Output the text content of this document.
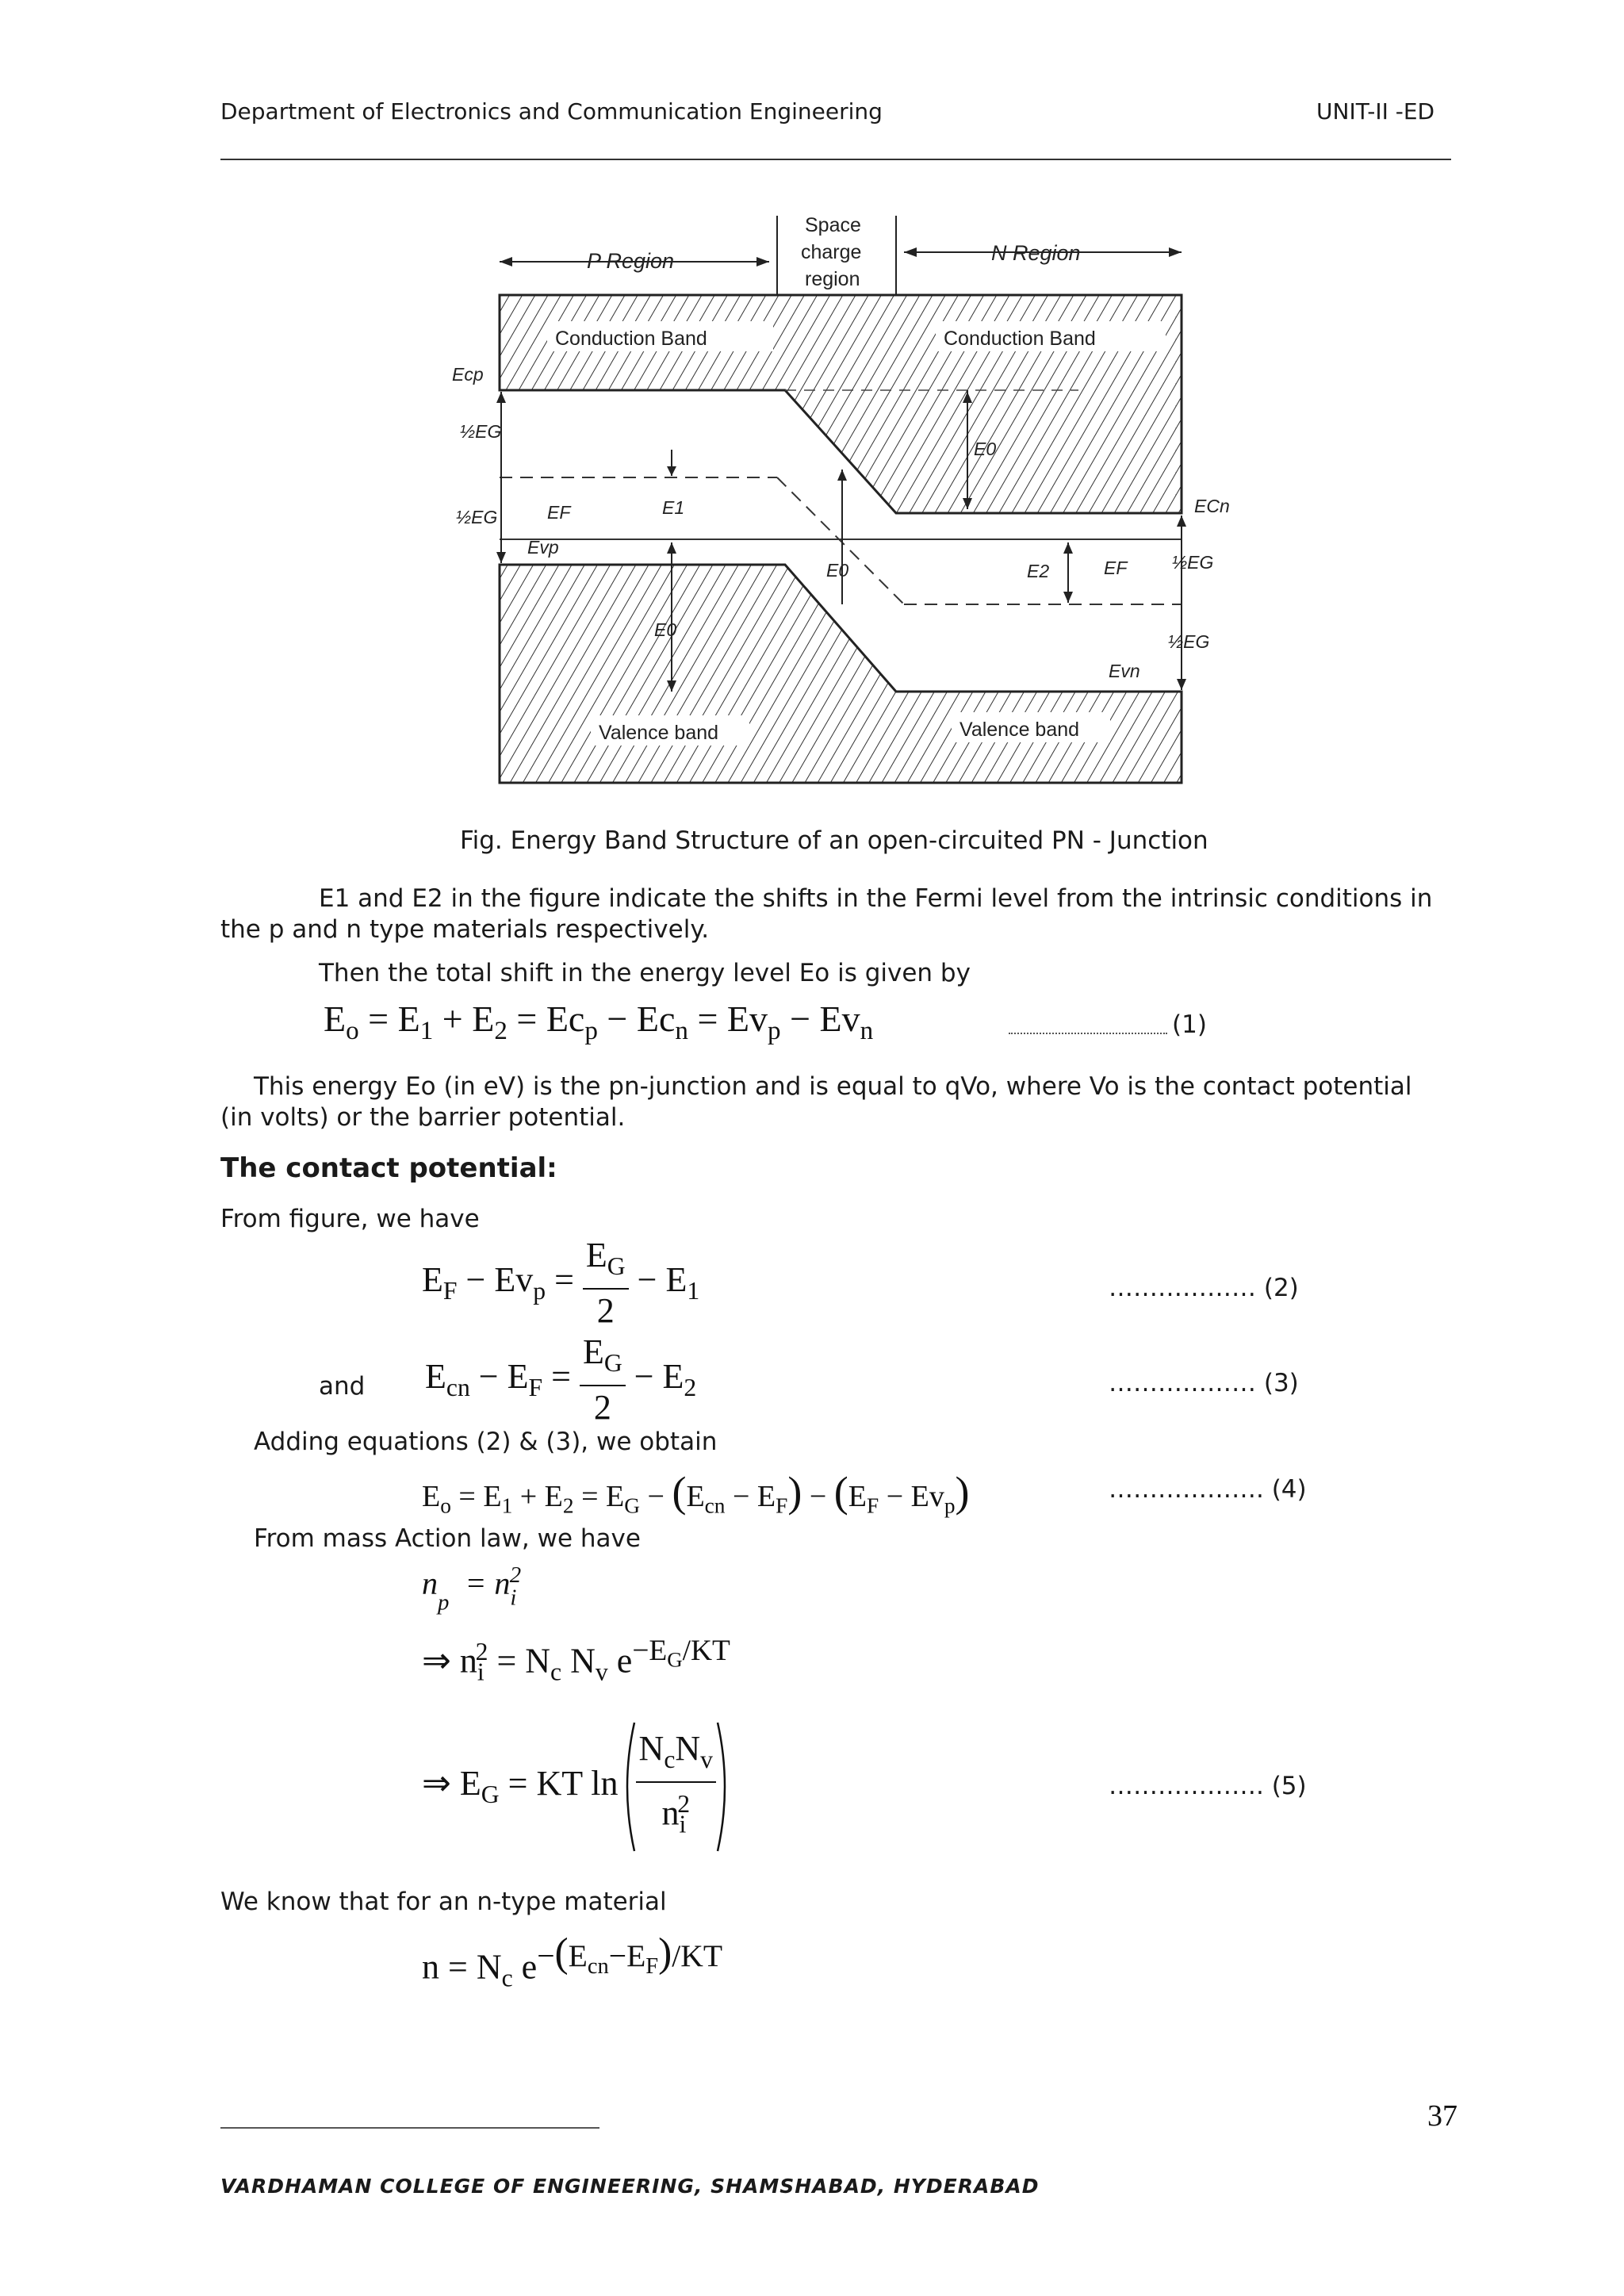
Department of Electronics and Communication Engineering	UNIT-II -ED
P Region
Space
charge
region
N Region
Conduction Band	Conduction Band
Valence band	Valence band
Ecp
½EG
½EG	EF	E1
Evp
E0
E0
E0
ECn
E2	EF ½EG
½EG
Evn
Fig. Energy Band Structure of an open-circuited PN - Junction
E1 and E2 in the figure indicate the shifts in the Fermi level from the intrinsic conditions in
the p and n type materials respectively.
Then the total shift in the energy level Eo is given by
$E_o = E_1 + E_2 = Ec_p - Ec_n = Ev_p - Ev_n$	(1)
This energy Eo (in eV) is the pn-junction and is equal to qVo, where Vo is the contact potential
(in volts) or the barrier potential.
The contact potential:
From figure, we have
$E_F - Ev_p = \frac{E_G}{2} - E_1$	……………… (2)
and $E_{cn} - E_F = \frac{E_G}{2} - E_2$	……………… (3)
Adding equations (2) & (3), we obtain
$E_o = E_1 + E_2 = E_G - (E_{cn} - E_F) - (E_F - Ev_p)$	………………. (4)
From mass Action law, we have
$n_p = n_i^2$
⇒ $n_i^2 = N_c$ $N_v$ $e^{-E_G/KT}$
⇒ $E_G$ = KT $\ln \frac{N_cN_v}{n_i^2}$	………………. (5)
We know that for an n-type material
$n = N_c$ $e^{-(E_{cn}-E_F)/KT}$
37
VARDHAMAN COLLEGE OF ENGINEERING, SHAMSHABAD, HYDERABAD
